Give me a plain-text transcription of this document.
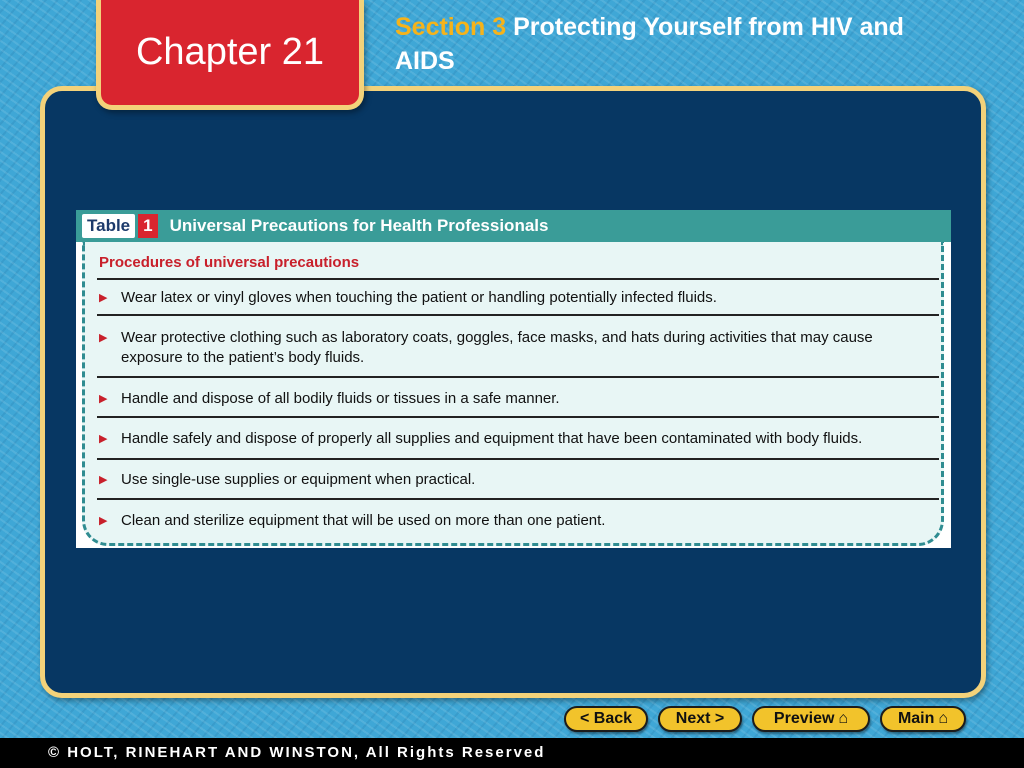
Chapter 21
Section 3 Protecting Yourself from HIV and AIDS
Table 1 Universal Precautions for Health Professionals
Procedures of universal precautions
▶ Wear latex or vinyl gloves when touching the patient or handling potentially infected fluids.
▶ Wear protective clothing such as laboratory coats, goggles, face masks, and hats during activities that may cause exposure to the patient’s body fluids.
▶ Handle and dispose of all bodily fluids or tissues in a safe manner.
▶ Handle safely and dispose of properly all supplies and equipment that have been contaminated with body fluids.
▶ Use single-use supplies or equipment when practical.
▶ Clean and sterilize equipment that will be used on more than one patient.
< Back	Next >	Preview ⌂	Main ⌂
© HOLT, RINEHART AND WINSTON, All Rights Reserved
